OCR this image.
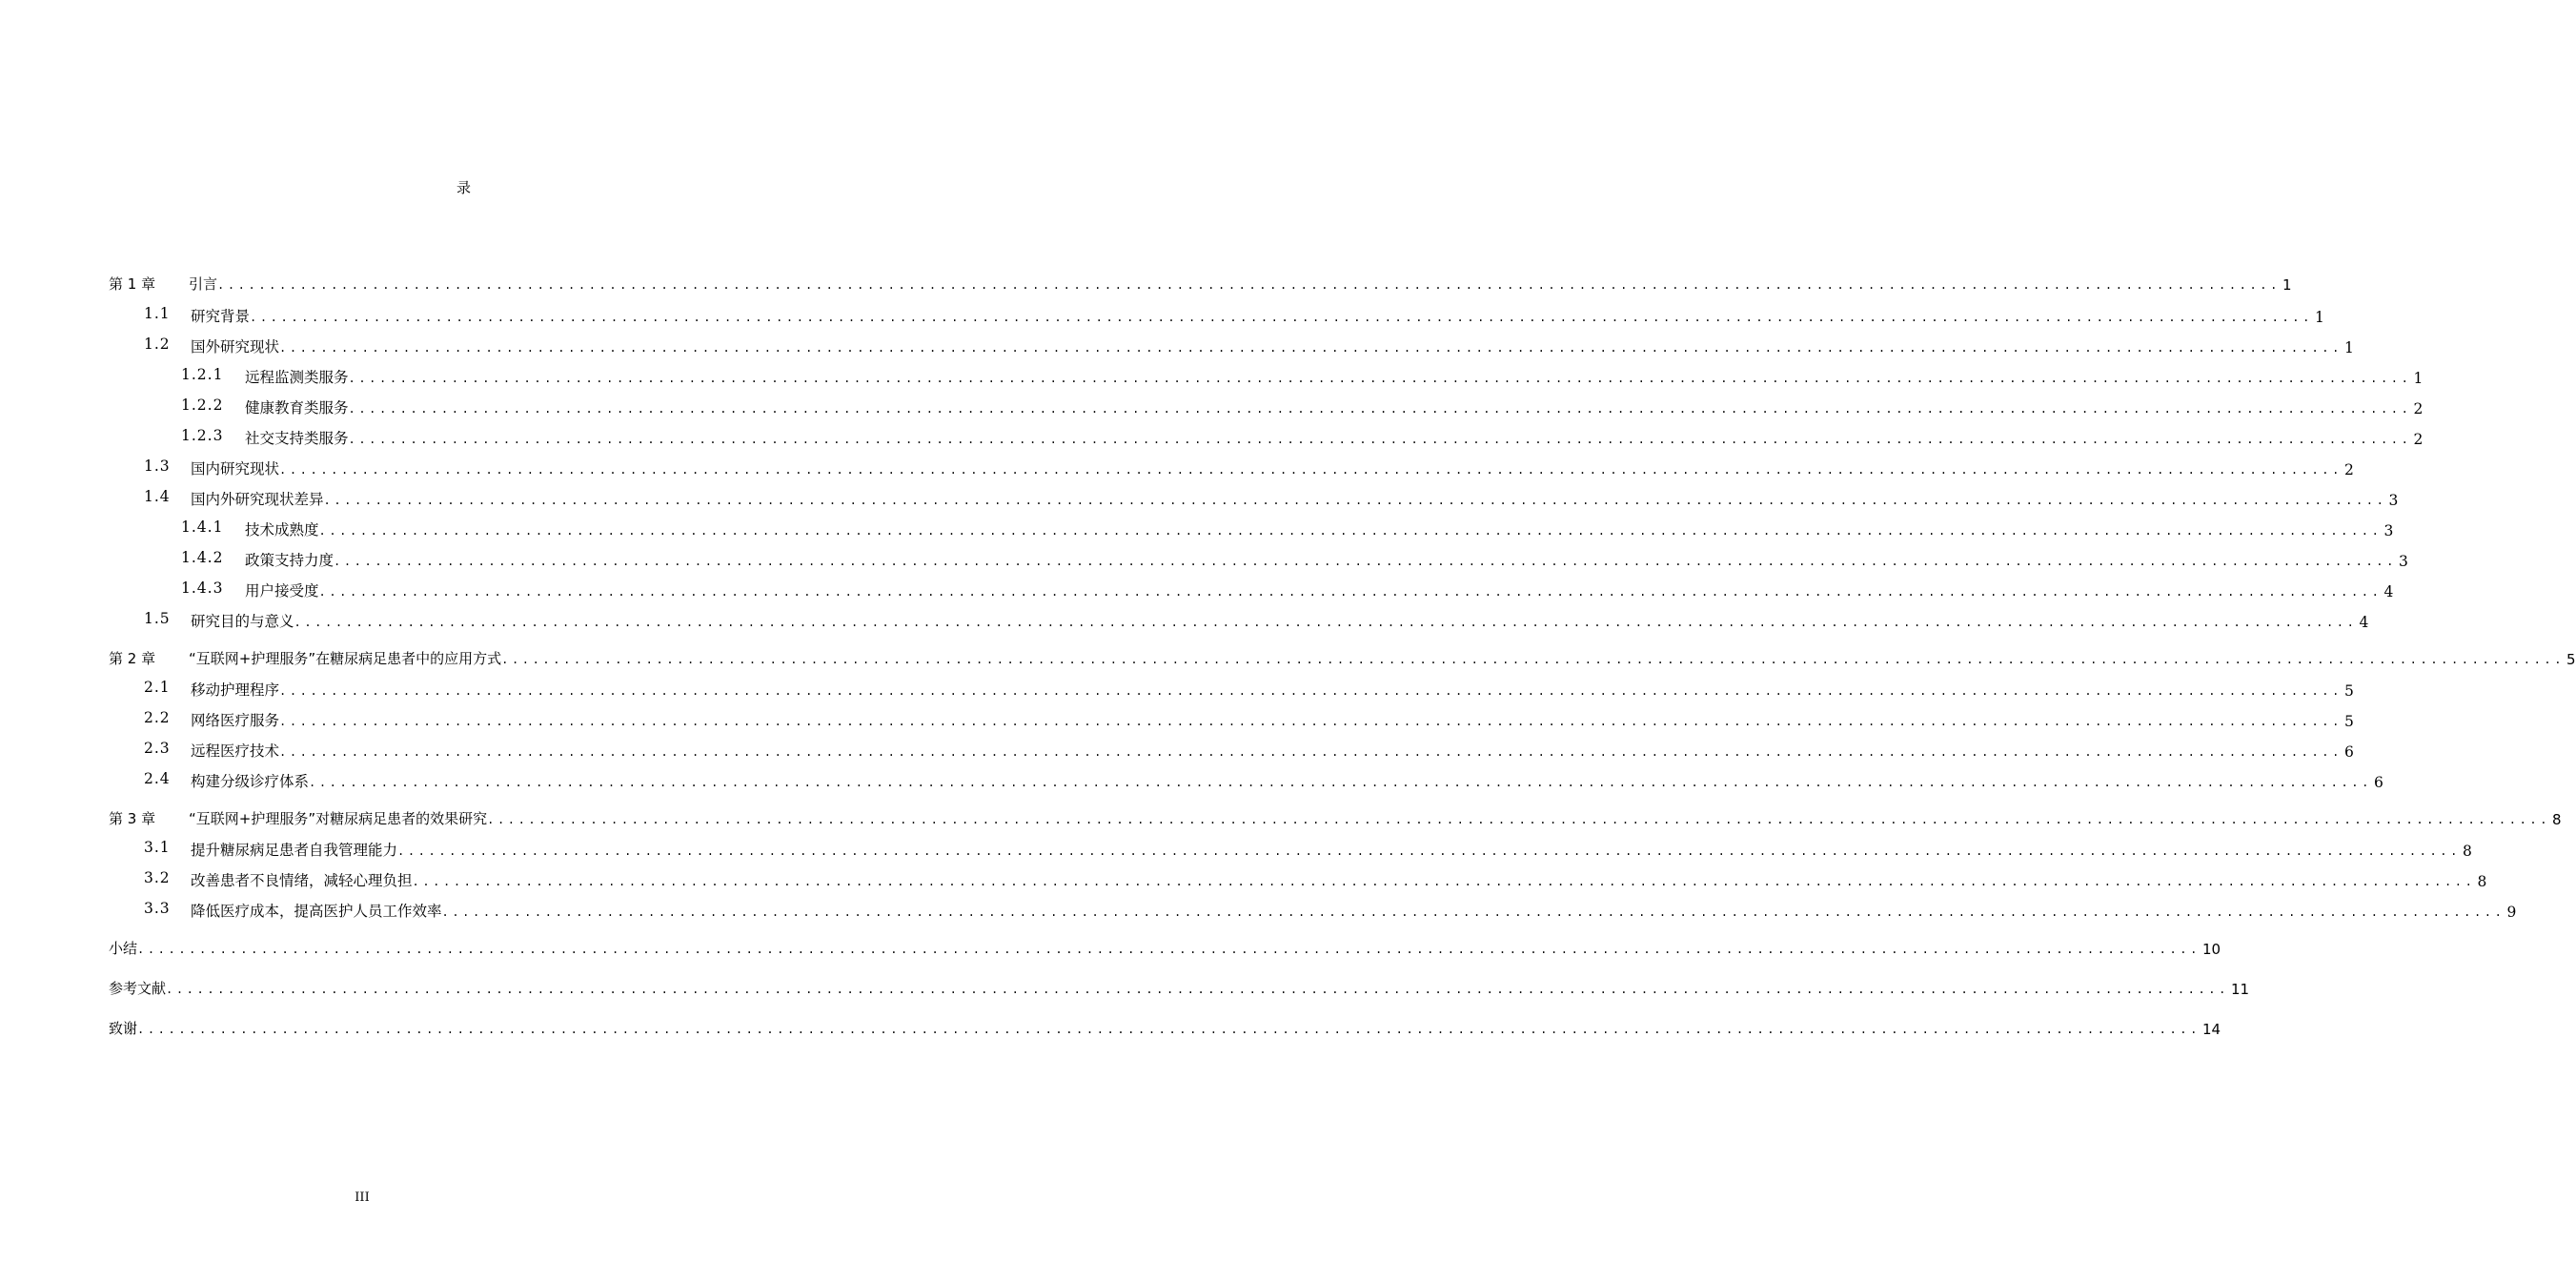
录
第 1 章	引言 ........................................................................................................................................................................................................ 1
1.1	研究背景 ........................................................................................................................................................................................................ 1
1.2	国外研究现状 ........................................................................................................................................................................................................ 1
1.2.1	远程监测类服务 ........................................................................................................................................................................................................ 1
1.2.2	健康教育类服务 ........................................................................................................................................................................................................ 2
1.2.3	社交支持类服务 ........................................................................................................................................................................................................ 2
1.3	国内研究现状 ........................................................................................................................................................................................................ 2
1.4	国内外研究现状差异 ........................................................................................................................................................................................................ 3
1.4.1	技术成熟度 ........................................................................................................................................................................................................ 3
1.4.2	政策支持力度 ........................................................................................................................................................................................................ 3
1.4.3	用户接受度 ........................................................................................................................................................................................................ 4
1.5	研究目的与意义 ........................................................................................................................................................................................................ 4
第 2 章	“互联网+护理服务”在糖尿病足患者中的应用方式 ........................................................................................................................................................................................................ 5
2.1	移动护理程序 ........................................................................................................................................................................................................ 5
2.2	网络医疗服务 ........................................................................................................................................................................................................ 5
2.3	远程医疗技术 ........................................................................................................................................................................................................ 6
2.4	构建分级诊疗体系 ........................................................................................................................................................................................................ 6
第 3 章	“互联网+护理服务”对糖尿病足患者的效果研究 ........................................................................................................................................................................................................ 8
3.1	提升糖尿病足患者自我管理能力 ........................................................................................................................................................................................................ 8
3.2	改善患者不良情绪，减轻心理负担 ........................................................................................................................................................................................................ 8
3.3	降低医疗成本，提高医护人员工作效率 ........................................................................................................................................................................................................ 9
小结 ........................................................................................................................................................................................................ 10
参考文献 ........................................................................................................................................................................................................ 11
致谢 ........................................................................................................................................................................................................ 14
III
